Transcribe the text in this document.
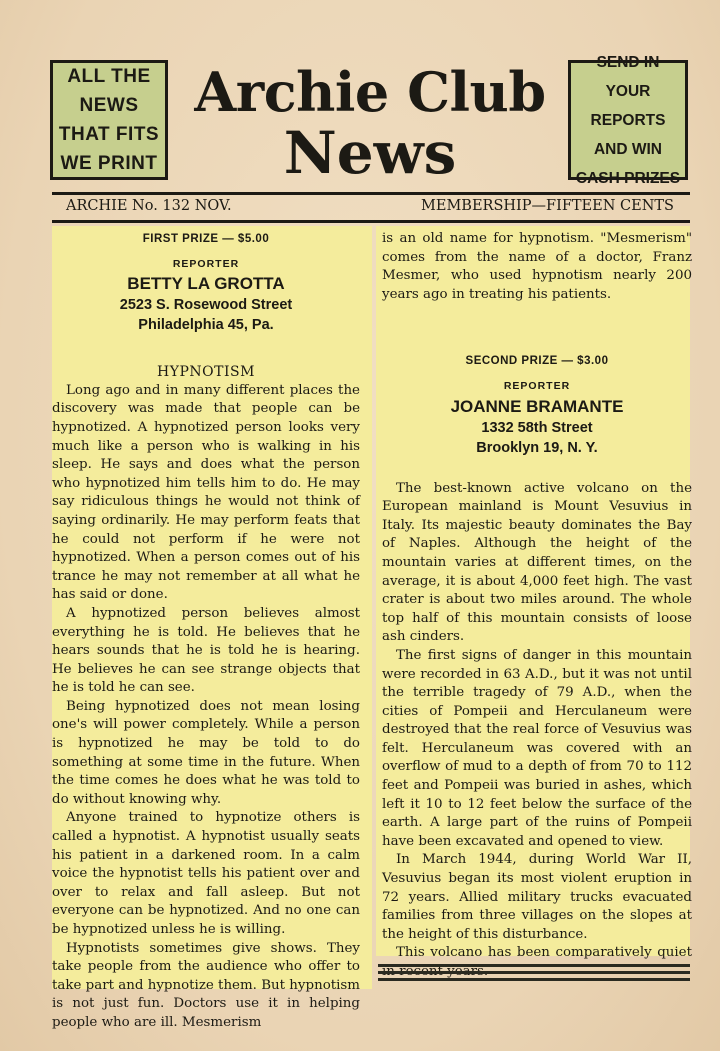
ALL THE
NEWS
THAT FITS
WE PRINT
Archie Club
News
SEND IN
YOUR REPORTS
AND WIN
CASH PRIZES
ARCHIE No. 132 NOV.	MEMBERSHIP—FIFTEEN CENTS
FIRST PRIZE — $5.00
REPORTER
BETTY LA GROTTA
2523 S. Rosewood Street
Philadelphia 45, Pa.
HYPNOTISM

Long ago and in many different places the discovery was made that people can be hypnotized. A hypnotized person looks very much like a person who is walking in his sleep. He says and does what the person who hypnotized him tells him to do. He may say ridiculous things he would not think of saying ordinarily. He may perform feats that he could not perform if he were not hypnotized. When a person comes out of his trance he may not remember at all what he has said or done.

A hypnotized person believes almost everything he is told. He believes that he hears sounds that he is told he is hearing. He believes he can see strange objects that he is told he can see.

Being hypnotized does not mean losing one's will power completely. While a person is hypnotized he may be told to do something at some time in the future. When the time comes he does what he was told to do without knowing why.

Anyone trained to hypnotize others is called a hypnotist. A hypnotist usually seats his patient in a darkened room. In a calm voice the hypnotist tells his patient over and over to relax and fall asleep. But not everyone can be hypnotized. And no one can be hypnotized unless he is willing.

Hypnotists sometimes give shows. They take people from the audience who offer to take part and hypnotize them. But hypnotism is not just fun. Doctors use it in helping people who are ill. Mesmerism

is an old name for hypnotism. "Mesmerism" comes from the name of a doctor, Franz Mesmer, who used hypnotism nearly 200 years ago in treating his patients.

SECOND PRIZE — $3.00
REPORTER
JOANNE BRAMANTE
1332 58th Street
Brooklyn 19, N. Y.

The best-known active volcano on the European mainland is Mount Vesuvius in Italy. Its majestic beauty dominates the Bay of Naples. Although the height of the mountain varies at different times, on the average, it is about 4,000 feet high. The vast crater is about two miles around. The whole top half of this mountain consists of loose ash cinders.

The first signs of danger in this mountain were recorded in 63 A.D., but it was not until the terrible tragedy of 79 A.D., when the cities of Pompeii and Herculaneum were destroyed that the real force of Vesuvius was felt. Herculaneum was covered with an overflow of mud to a depth of from 70 to 112 feet and Pompeii was buried in ashes, which left it 10 to 12 feet below the surface of the earth. A large part of the ruins of Pompeii have been excavated and opened to view.

In March 1944, during World War II, Vesuvius began its most violent eruption in 72 years. Allied military trucks evacuated families from three villages on the slopes at the height of this disturbance.

This volcano has been comparatively quiet
